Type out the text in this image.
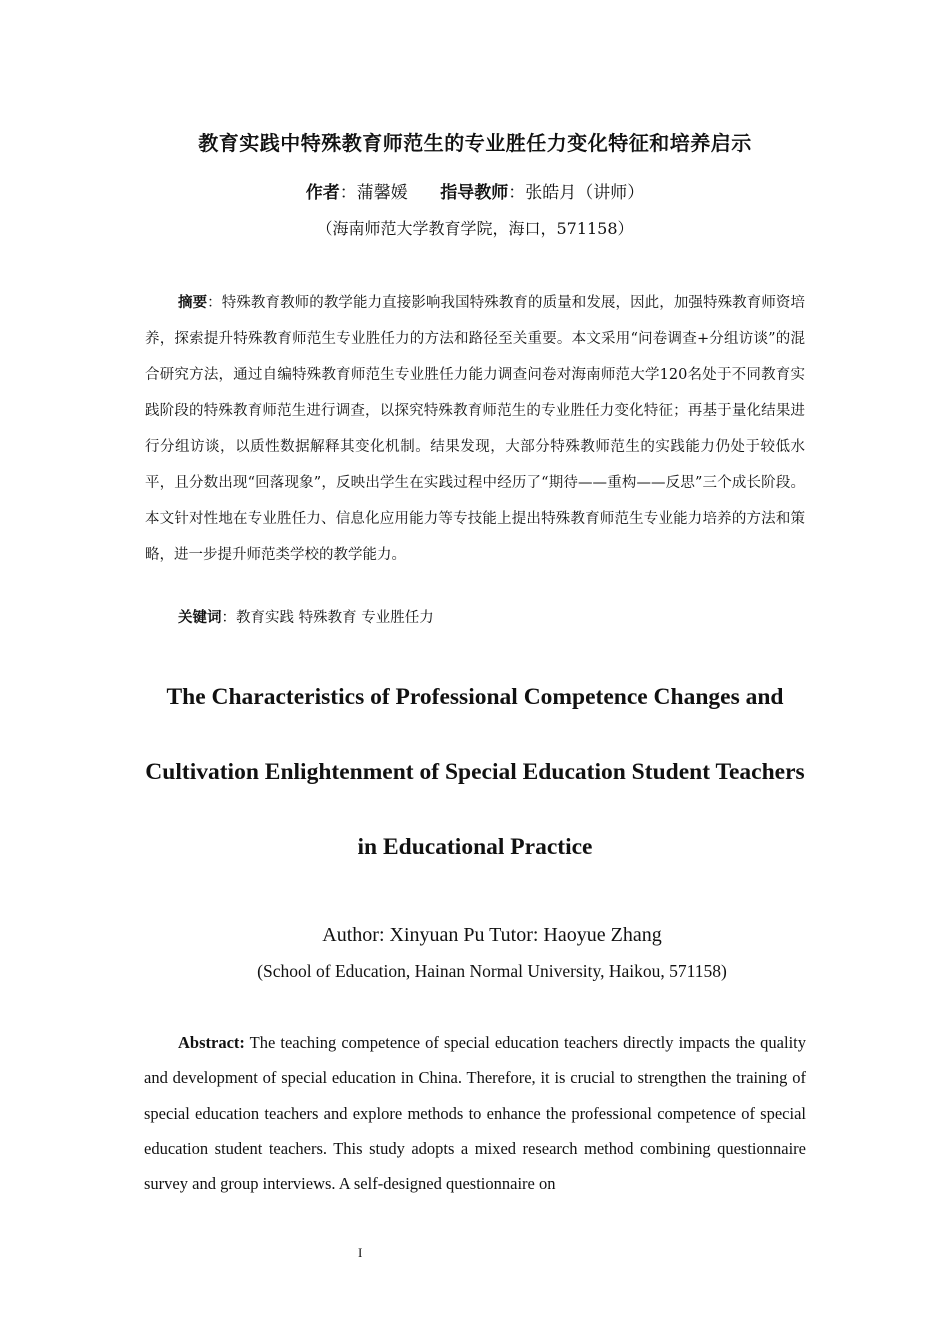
教育实践中特殊教育师范生的专业胜任力变化特征和培养启示
作者：蒲馨媛 指导教师：张皓月（讲师）
（海南师范大学教育学院，海口，571158）
摘要：特殊教育教师的教学能力直接影响我国特殊教育的质量和发展，因此，加强特殊教育师资培养，探索提升特殊教育师范生专业胜任力的方法和路径至关重要。本文采用“问卷调查+分组访谈”的混合研究方法，通过自编特殊教育师范生专业胜任力能力调查问卷对海南师范大学120名处于不同教育实践阶段的特殊教育师范生进行调查，以探究特殊教育师范生的专业胜任力变化特征；再基于量化结果进行分组访谈，以质性数据解释其变化机制。结果发现，大部分特殊教师范生的实践能力仍处于较低水平，且分数出现“回落现象”，反映出学生在实践过程中经历了“期待——重构——反思”三个成长阶段。本文针对性地在专业胜任力、信息化应用能力等专技能上提出特殊教育师范生专业能力培养的方法和策略，进一步提升师范类学校的教学能力。
关键词：教育实践 特殊教育 专业胜任力
The Characteristics of Professional Competence Changes and Cultivation Enlightenment of Special Education Student Teachers in Educational Practice
Author: Xinyuan Pu Tutor: Haoyue Zhang
(School of Education, Hainan Normal University, Haikou, 571158)
Abstract: The teaching competence of special education teachers directly impacts the quality and development of special education in China. Therefore, it is crucial to strengthen the training of special education teachers and explore methods to enhance the professional competence of special education student teachers. This study adopts a mixed research method combining questionnaire survey and group interviews. A self-designed questionnaire on
I
